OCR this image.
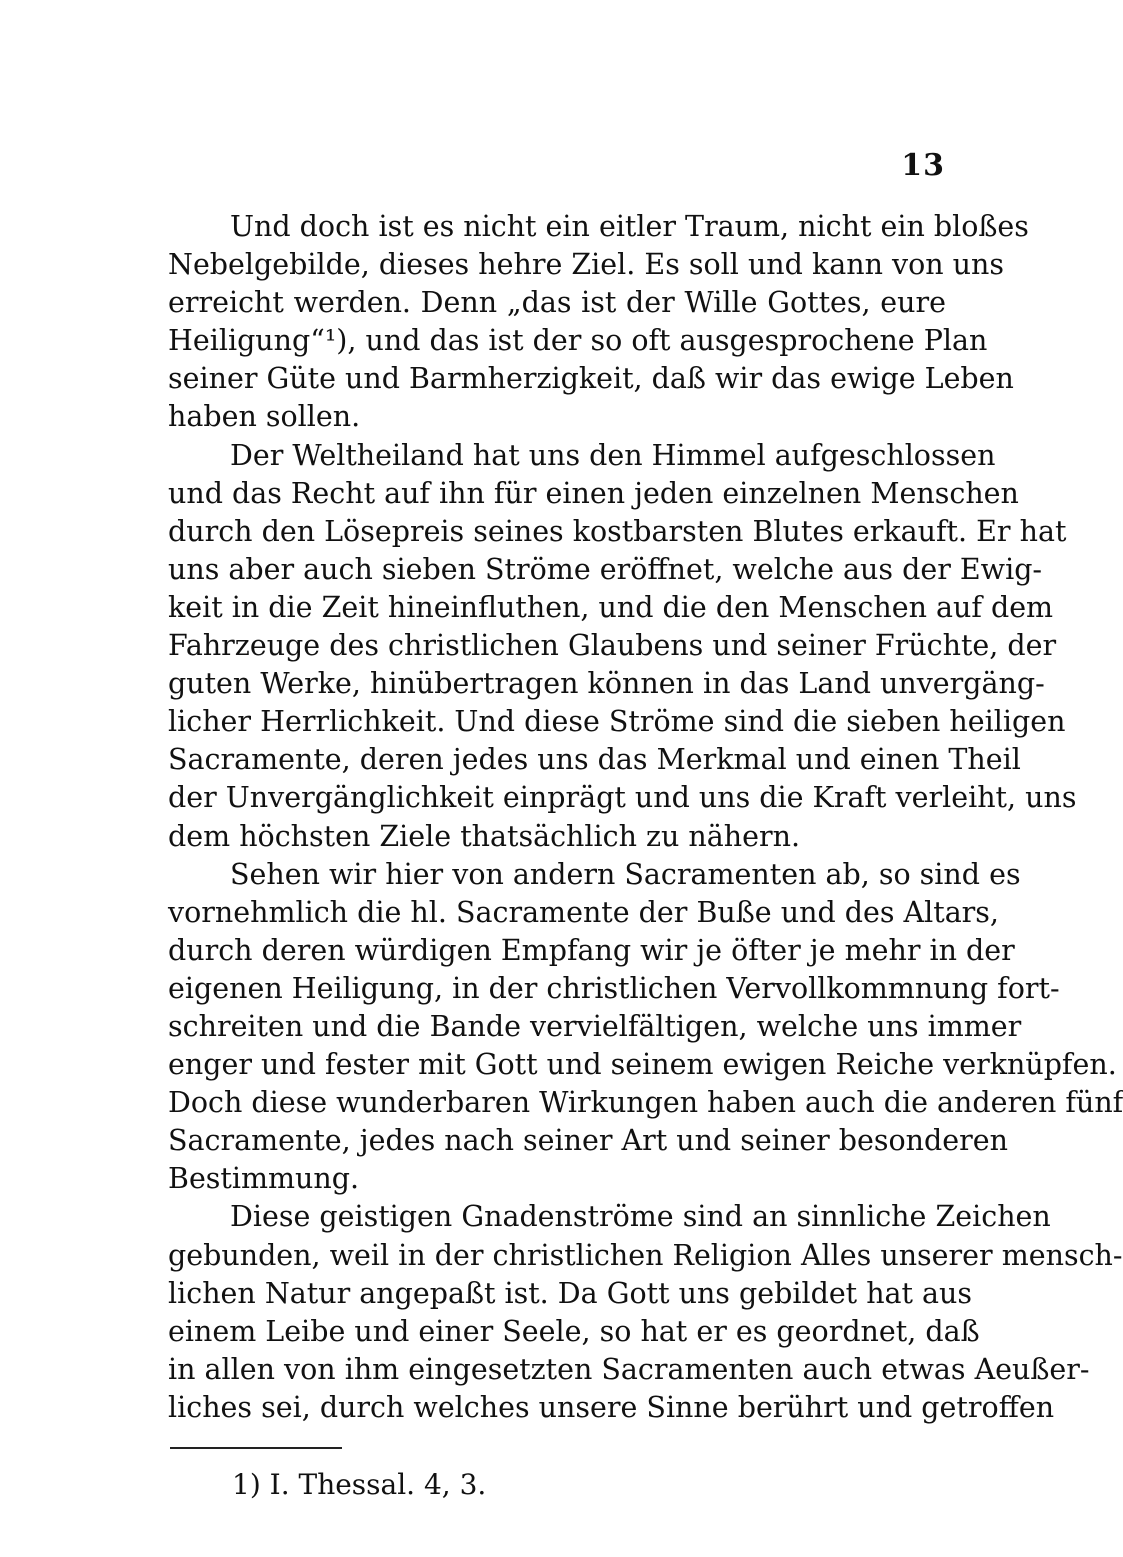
13

Und doch ist es nicht ein eitler Traum, nicht ein bloßes
Nebelgebilde, dieses hehre Ziel. Es soll und kann von uns
erreicht werden. Denn „das ist der Wille Gottes, eure
Heiligung“¹), und das ist der so oft ausgesprochene Plan
seiner Güte und Barmherzigkeit, daß wir das ewige Leben
haben sollen.

Der Weltheiland hat uns den Himmel aufgeschlossen
und das Recht auf ihn für einen jeden einzelnen Menschen
durch den Lösepreis seines kostbarsten Blutes erkauft. Er hat
uns aber auch sieben Ströme eröffnet, welche aus der Ewig-
keit in die Zeit hineinfluthen, und die den Menschen auf dem
Fahrzeuge des christlichen Glaubens und seiner Früchte, der
guten Werke, hinübertragen können in das Land unvergäng-
licher Herrlichkeit. Und diese Ströme sind die sieben heiligen
Sacramente, deren jedes uns das Merkmal und einen Theil
der Unvergänglichkeit einprägt und uns die Kraft verleiht, uns
dem höchsten Ziele thatsächlich zu nähern.

Sehen wir hier von andern Sacramenten ab, so sind es
vornehmlich die hl. Sacramente der Buße und des Altars,
durch deren würdigen Empfang wir je öfter je mehr in der
eigenen Heiligung, in der christlichen Vervollkommnung fort-
schreiten und die Bande vervielfältigen, welche uns immer
enger und fester mit Gott und seinem ewigen Reiche verknüpfen.
Doch diese wunderbaren Wirkungen haben auch die anderen fünf
Sacramente, jedes nach seiner Art und seiner besonderen
Bestimmung.

Diese geistigen Gnadenströme sind an sinnliche Zeichen
gebunden, weil in der christlichen Religion Alles unserer mensch-
lichen Natur angepaßt ist. Da Gott uns gebildet hat aus
einem Leibe und einer Seele, so hat er es geordnet, daß
in allen von ihm eingesetzten Sacramenten auch etwas Aeußer-
liches sei, durch welches unsere Sinne berührt und getroffen

1) I. Thessal. 4, 3.
